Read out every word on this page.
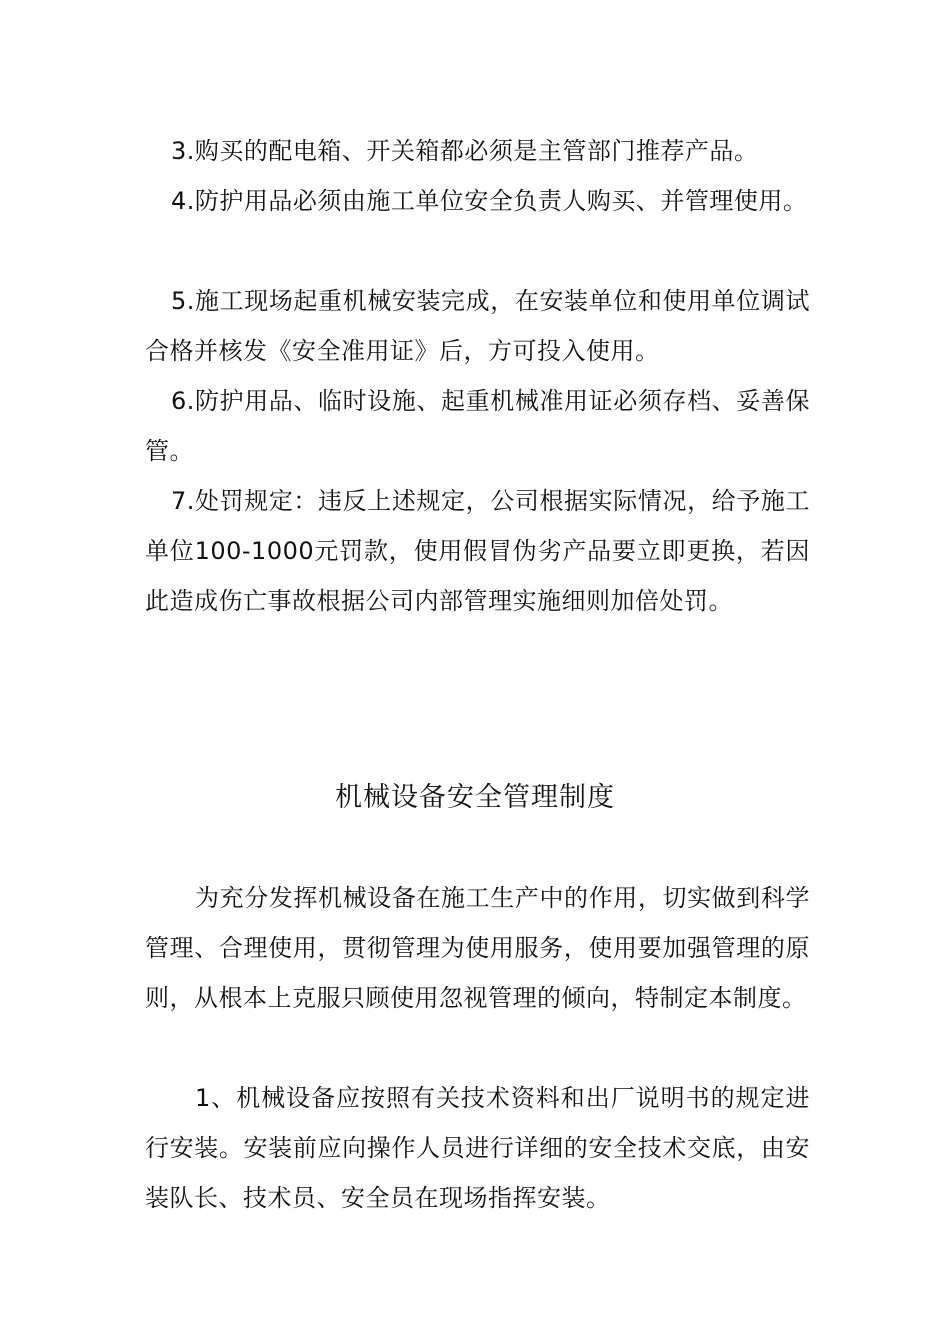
3.购买的配电箱、开关箱都必须是主管部门推荐产品。

4.防护用品必须由施工单位安全负责人购买、并管理使用。

5.施工现场起重机械安装完成，在安装单位和使用单位调试合格并核发《安全准用证》后，方可投入使用。

6.防护用品、临时设施、起重机械准用证必须存档、妥善保管。

7.处罚规定：违反上述规定，公司根据实际情况，给予施工单位100-1000元罚款，使用假冒伪劣产品要立即更换，若因此造成伤亡事故根据公司内部管理实施细则加倍处罚。

机械设备安全管理制度

为充分发挥机械设备在施工生产中的作用，切实做到科学管理、合理使用，贯彻管理为使用服务，使用要加强管理的原则，从根本上克服只顾使用忽视管理的倾向，特制定本制度。

1、机械设备应按照有关技术资料和出厂说明书的规定进行安装。安装前应向操作人员进行详细的安全技术交底，由安装队长、技术员、安全员在现场指挥安装。
